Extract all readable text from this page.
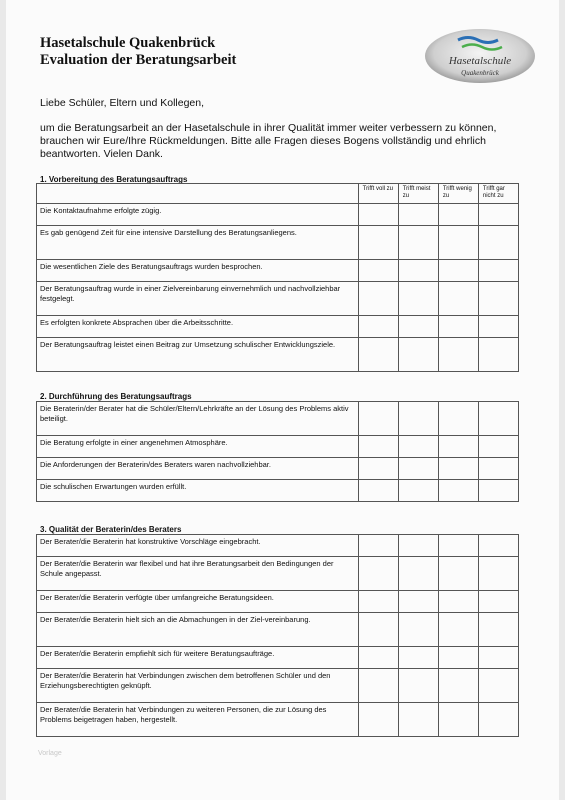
Hasetalschule Quakenbrück
Evaluation der Beratungsarbeit	Hasetalschule
Quakenbrück
Liebe Schüler, Eltern und Kollegen,
um die Beratungsarbeit an der Hasetalschule in ihrer Qualität immer weiter verbessern zu können, brauchen wir Eure/Ihre Rückmeldungen. Bitte alle Fragen dieses Bogens vollständig und ehrlich beantworten. Vielen Dank.
1. Vorbereitung des Beratungsauftrags
	Trifft voll zu	Trifft meist zu	Trifft wenig zu	Trifft gar nicht zu
Die Kontaktaufnahme erfolgte zügig.				
Es gab genügend Zeit für eine intensive Darstellung des Beratungsanliegens.				
Die wesentlichen Ziele des Beratungsauftrags wurden besprochen.				
Der Beratungsauftrag wurde in einer Zielvereinbarung einvernehmlich und nachvollziehbar festgelegt.				
Es erfolgten konkrete Absprachen über die Arbeitsschritte.				
Der Beratungsauftrag leistet einen Beitrag zur Umsetzung schulischer Entwicklungsziele.				
2. Durchführung des Beratungsauftrags
Die Beraterin/der Berater hat die Schüler/Eltern/Lehrkräfte an der Lösung des Problems aktiv beteiligt.				
Die Beratung erfolgte in einer angenehmen Atmosphäre.				
Die Anforderungen der Beraterin/des Beraters waren nachvollziehbar.				
Die schulischen Erwartungen wurden erfüllt.				
3. Qualität der Beraterin/des Beraters
Der Berater/die Beraterin hat konstruktive Vorschläge eingebracht.				
Der Berater/die Beraterin war flexibel und hat ihre Beratungsarbeit den Bedingungen der Schule angepasst.				
Der Berater/die Beraterin verfügte über umfangreiche Beratungsideen.				
Der Berater/die Beraterin hielt sich an die Abmachungen in der Ziel-vereinbarung.				
Der Berater/die Beraterin empfiehlt sich für weitere Beratungsaufträge.				
Der Berater/die Beraterin hat Verbindungen zwischen dem betroffenen Schüler und den Erziehungsberechtigten geknüpft.				
Der Berater/die Beraterin hat Verbindungen zu weiteren Personen, die zur Lösung des Problems beigetragen haben, hergestellt.				
Vorlage
